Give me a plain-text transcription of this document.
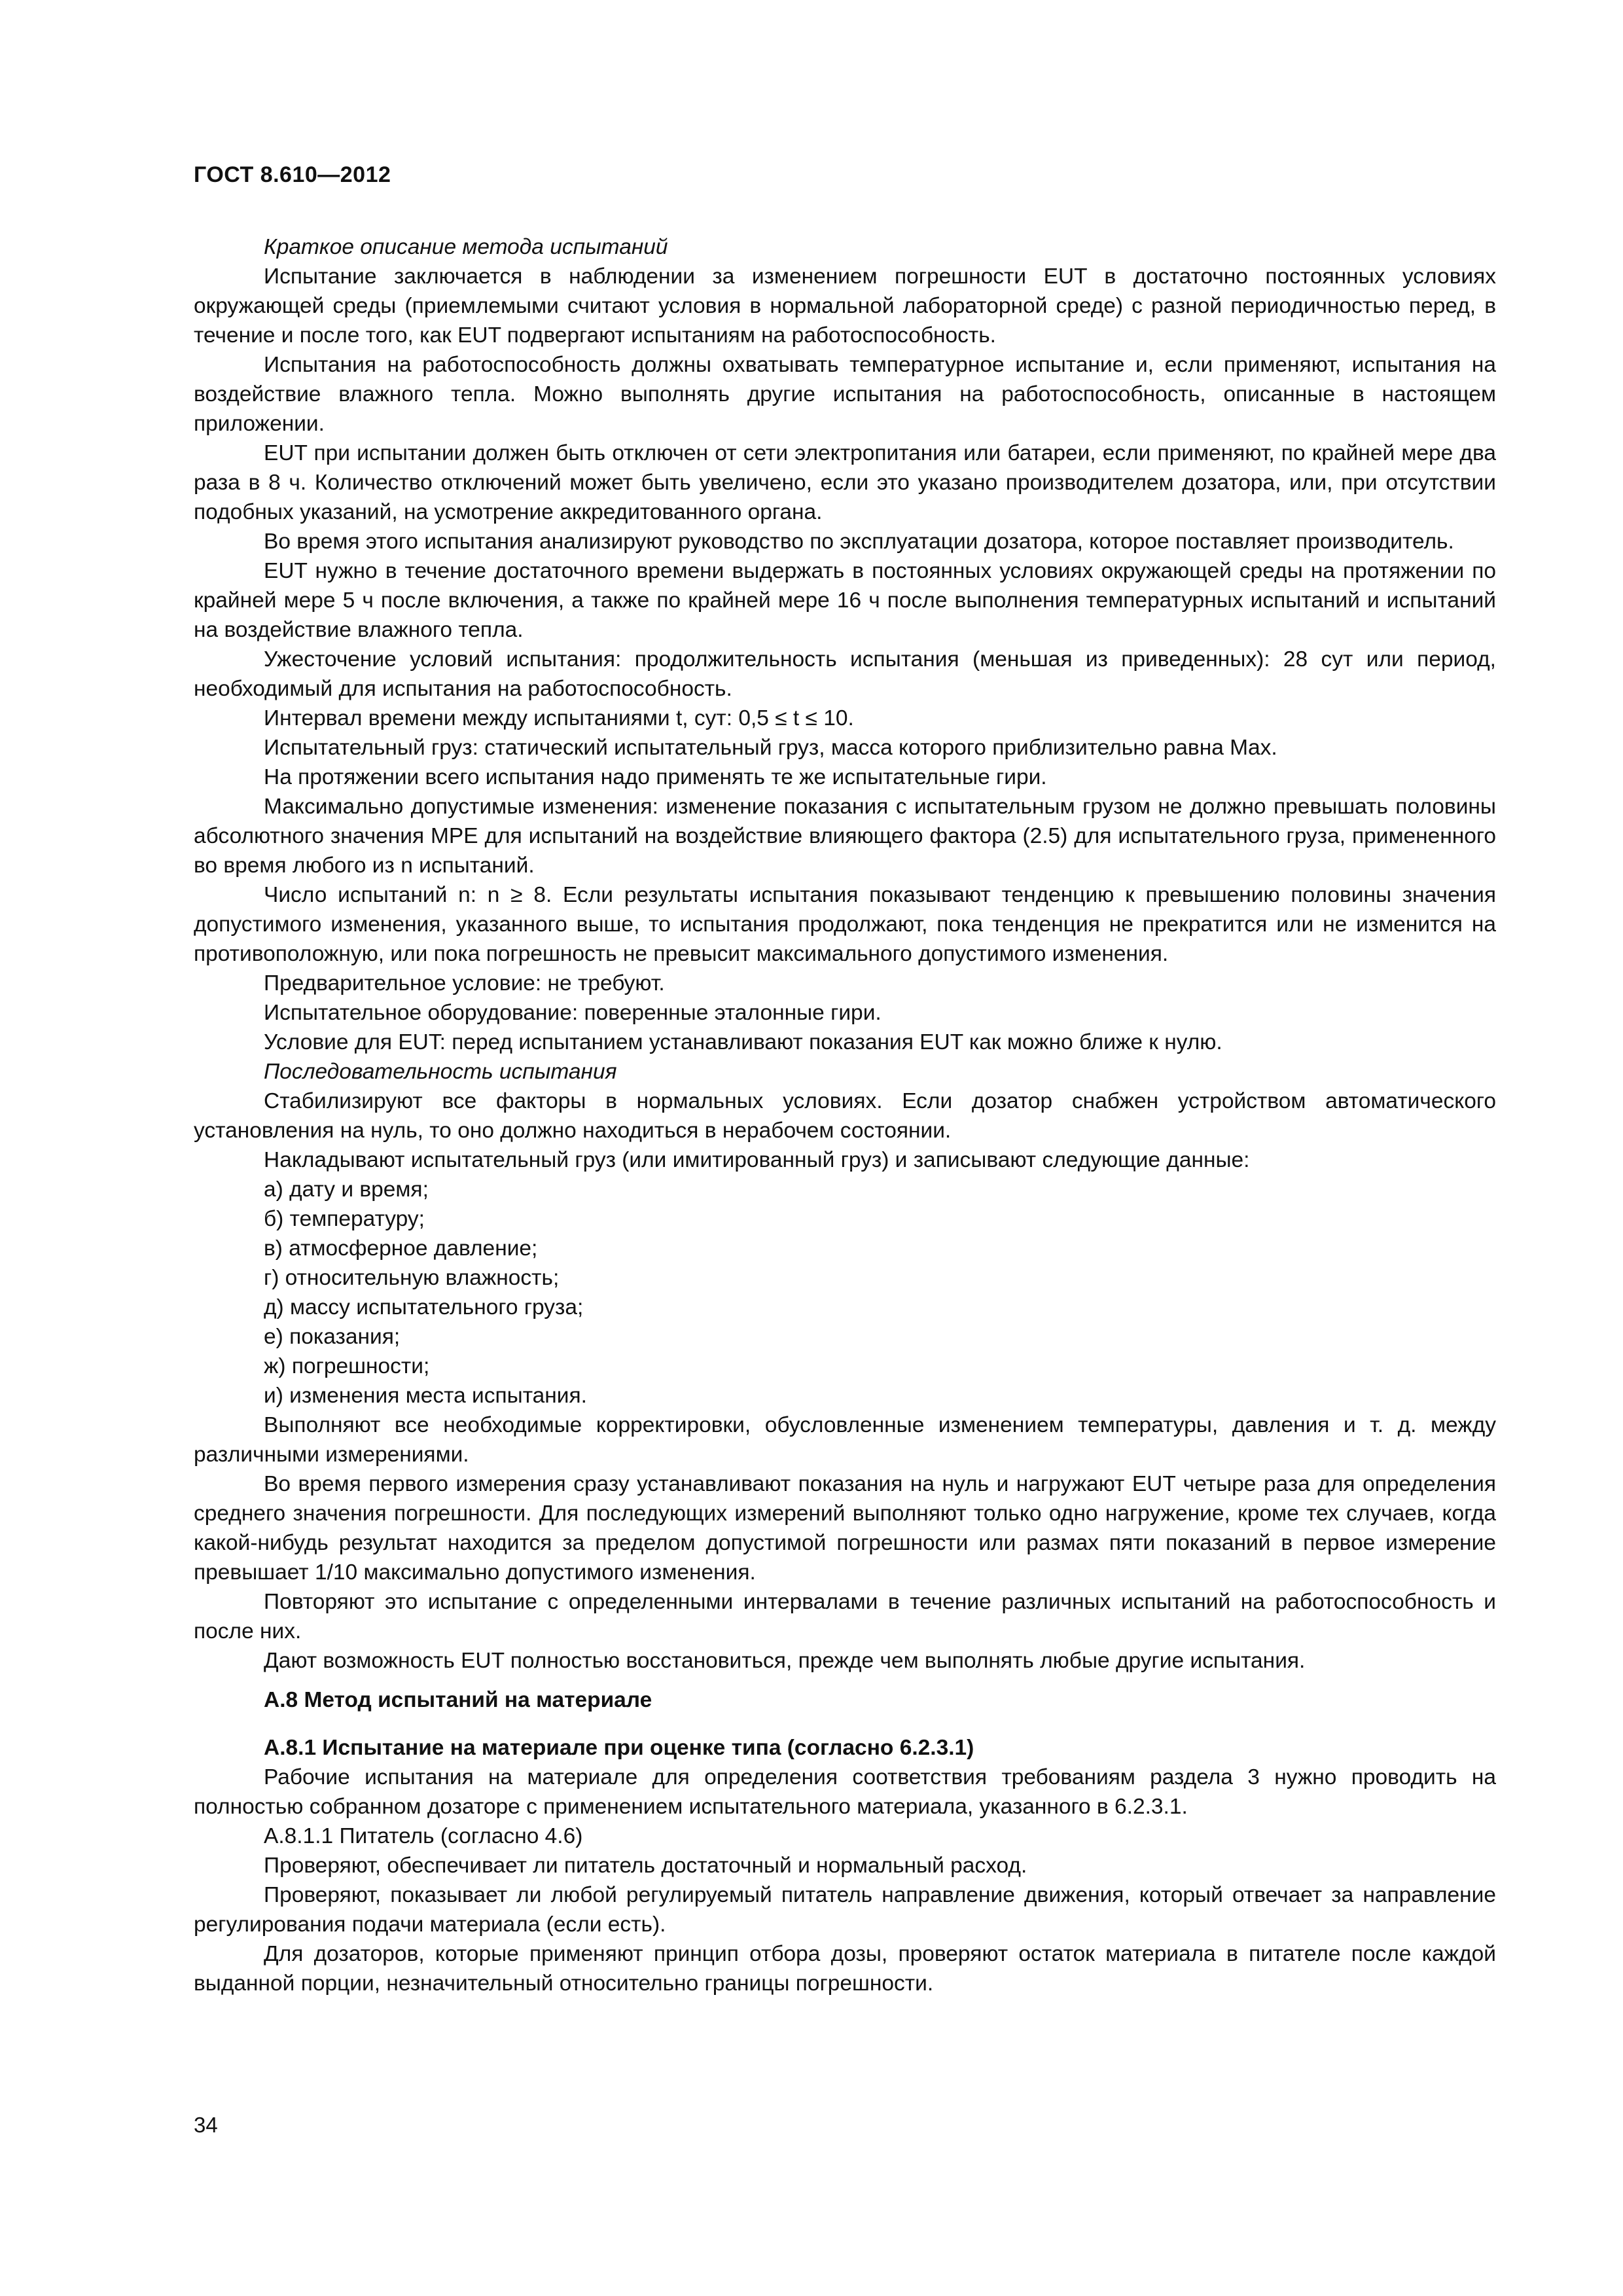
ГОСТ 8.610—2012

Краткое описание метода испытаний

Испытание заключается в наблюдении за изменением погрешности EUT в достаточно постоянных условиях окружающей среды (приемлемыми считают условия в нормальной лабораторной среде) с разной периодичностью перед, в течение и после того, как EUT подвергают испытаниям на работоспособность.

Испытания на работоспособность должны охватывать температурное испытание и, если применяют, испытания на воздействие влажного тепла. Можно выполнять другие испытания на работоспособность, описанные в настоящем приложении.

EUT при испытании должен быть отключен от сети электропитания или батареи, если применяют, по крайней мере два раза в 8 ч. Количество отключений может быть увеличено, если это указано производителем дозатора, или, при отсутствии подобных указаний, на усмотрение аккредитованного органа.

Во время этого испытания анализируют руководство по эксплуатации дозатора, которое поставляет производитель.

EUT нужно в течение достаточного времени выдержать в постоянных условиях окружающей среды на протяжении по крайней мере 5 ч после включения, а также по крайней мере 16 ч после выполнения температурных испытаний и испытаний на воздействие влажного тепла.

Ужесточение условий испытания: продолжительность испытания (меньшая из приведенных): 28 сут или период, необходимый для испытания на работоспособность.

Интервал времени между испытаниями t, сут: 0,5 ≤ t ≤ 10.

Испытательный груз: статический испытательный груз, масса которого приблизительно равна Max.

На протяжении всего испытания надо применять те же испытательные гири.

Максимально допустимые изменения: изменение показания с испытательным грузом не должно превышать половины абсолютного значения MPE для испытаний на воздействие влияющего фактора (2.5) для испытательного груза, примененного во время любого из n испытаний.

Число испытаний n: n ≥ 8. Если результаты испытания показывают тенденцию к превышению половины значения допустимого изменения, указанного выше, то испытания продолжают, пока тенденция не прекратится или не изменится на противоположную, или пока погрешность не превысит максимального допустимого изменения.

Предварительное условие: не требуют.

Испытательное оборудование: поверенные эталонные гири.

Условие для EUT: перед испытанием устанавливают показания EUT как можно ближе к нулю.

Последовательность испытания

Стабилизируют все факторы в нормальных условиях. Если дозатор снабжен устройством автоматического установления на нуль, то оно должно находиться в нерабочем состоянии.

Накладывают испытательный груз (или имитированный груз) и записывают следующие данные:

а) дату и время;

б) температуру;

в) атмосферное давление;

г) относительную влажность;

д) массу испытательного груза;

е) показания;

ж) погрешности;

и) изменения места испытания.

Выполняют все необходимые корректировки, обусловленные изменением температуры, давления и т. д. между различными измерениями.

Во время первого измерения сразу устанавливают показания на нуль и нагружают EUT четыре раза для определения среднего значения погрешности. Для последующих измерений выполняют только одно нагружение, кроме тех случаев, когда какой-нибудь результат находится за пределом допустимой погрешности или размах пяти показаний в первое измерение превышает 1/10 максимально допустимого изменения.

Повторяют это испытание с определенными интервалами в течение различных испытаний на работоспособность и после них.

Дают возможность EUT полностью восстановиться, прежде чем выполнять любые другие испытания.

А.8 Метод испытаний на материале

А.8.1 Испытание на материале при оценке типа (согласно 6.2.3.1)

Рабочие испытания на материале для определения соответствия требованиям раздела 3 нужно проводить на полностью собранном дозаторе с применением испытательного материала, указанного в 6.2.3.1.

А.8.1.1 Питатель (согласно 4.6)

Проверяют, обеспечивает ли питатель достаточный и нормальный расход.

Проверяют, показывает ли любой регулируемый питатель направление движения, который отвечает за направление регулирования подачи материала (если есть).

Для дозаторов, которые применяют принцип отбора дозы, проверяют остаток материала в питателе после каждой выданной порции, незначительный относительно границы погрешности.

34
